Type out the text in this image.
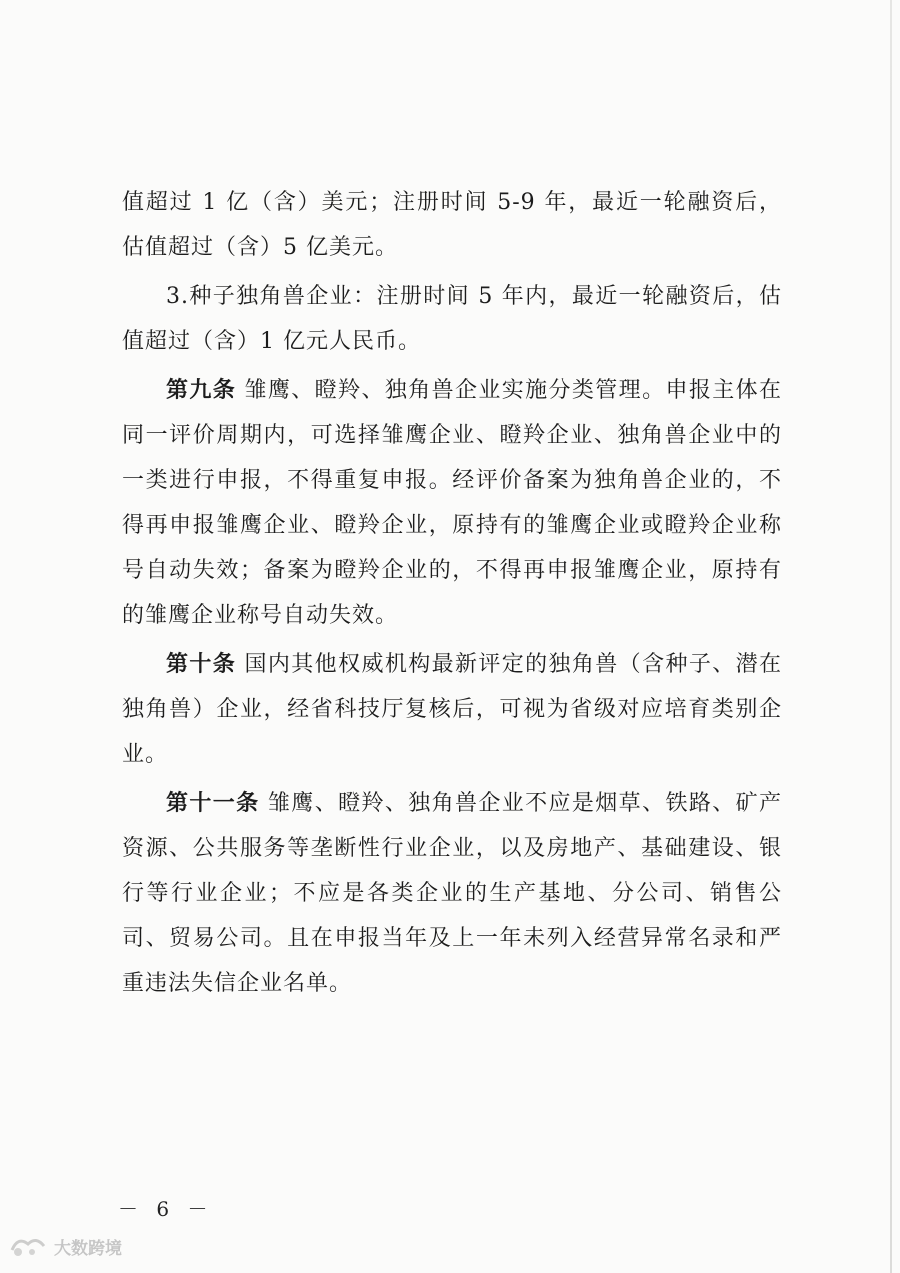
值超过 1 亿（含）美元；注册时间 5-9 年，最近一轮融资后，估值超过（含）5 亿美元。

3.种子独角兽企业：注册时间 5 年内，最近一轮融资后，估值超过（含）1 亿元人民币。

第九条 雏鹰、瞪羚、独角兽企业实施分类管理。申报主体在同一评价周期内，可选择雏鹰企业、瞪羚企业、独角兽企业中的一类进行申报，不得重复申报。经评价备案为独角兽企业的，不得再申报雏鹰企业、瞪羚企业，原持有的雏鹰企业或瞪羚企业称号自动失效；备案为瞪羚企业的，不得再申报雏鹰企业，原持有的雏鹰企业称号自动失效。

第十条 国内其他权威机构最新评定的独角兽（含种子、潜在独角兽）企业，经省科技厅复核后，可视为省级对应培育类别企业。

第十一条 雏鹰、瞪羚、独角兽企业不应是烟草、铁路、矿产资源、公共服务等垄断性行业企业，以及房地产、基础建设、银行等行业企业；不应是各类企业的生产基地、分公司、销售公司、贸易公司。且在申报当年及上一年未列入经营异常名录和严重违法失信企业名单。

－ 6 －
大数跨境
